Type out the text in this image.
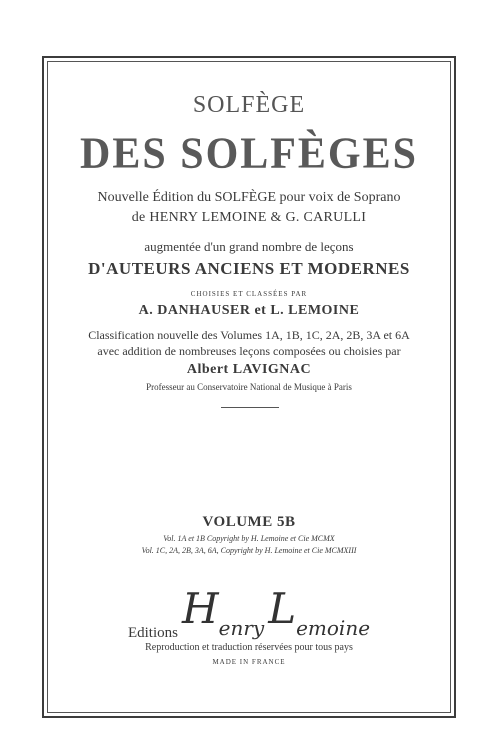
SOLFÈGE
DES SOLFÈGES
Nouvelle Édition du SOLFÈGE pour voix de Soprano
de HENRY LEMOINE & G. CARULLI
augmentée d'un grand nombre de leçons
D'AUTEURS ANCIENS ET MODERNES
CHOISIES ET CLASSÉES PAR
A. DANHAUSER et L. LEMOINE
Classification nouvelle des Volumes 1A, 1B, 1C, 2A, 2B, 3A et 6A
avec addition de nombreuses leçons composées ou choisies par
Albert LAVIGNAC
Professeur au Conservatoire National de Musique à Paris
VOLUME 5B
Vol. 1A et 1B Copyright by H. Lemoine et Cie MCMX
Vol. 1C, 2A, 2B, 3A, 6A, Copyright by H. Lemoine et Cie MCMXIII
Editions Henry Lemoine
Reproduction et traduction réservées pour tous pays
MADE IN FRANCE
